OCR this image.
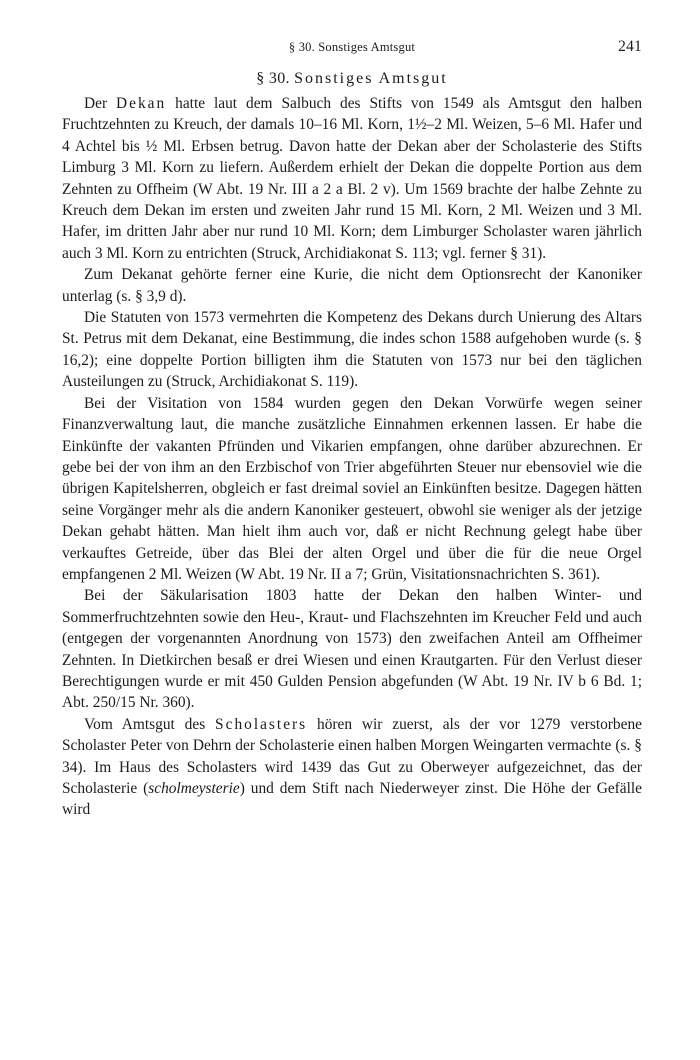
§ 30. Sonstiges Amtsgut	241
§ 30. Sonstiges Amtsgut

Der Dekan hatte laut dem Salbuch des Stifts von 1549 als Amtsgut den halben Fruchtzehnten zu Kreuch, der damals 10–16 Ml. Korn, 1½–2 Ml. Weizen, 5–6 Ml. Hafer und 4 Achtel bis ½ Ml. Erbsen betrug. Davon hatte der Dekan aber der Scholasterie des Stifts Limburg 3 Ml. Korn zu liefern. Außerdem erhielt der Dekan die doppelte Portion aus dem Zehnten zu Offheim (W Abt. 19 Nr. III a 2 a Bl. 2 v). Um 1569 brachte der halbe Zehnte zu Kreuch dem Dekan im ersten und zweiten Jahr rund 15 Ml. Korn, 2 Ml. Weizen und 3 Ml. Hafer, im dritten Jahr aber nur rund 10 Ml. Korn; dem Limburger Scholaster waren jährlich auch 3 Ml. Korn zu entrichten (Struck, Archidiakonat S. 113; vgl. ferner § 31).

Zum Dekanat gehörte ferner eine Kurie, die nicht dem Optionsrecht der Kanoniker unterlag (s. § 3,9 d).

Die Statuten von 1573 vermehrten die Kompetenz des Dekans durch Unierung des Altars St. Petrus mit dem Dekanat, eine Bestimmung, die indes schon 1588 aufgehoben wurde (s. § 16,2); eine doppelte Portion billigten ihm die Statuten von 1573 nur bei den täglichen Austeilungen zu (Struck, Archidiakonat S. 119).

Bei der Visitation von 1584 wurden gegen den Dekan Vorwürfe wegen seiner Finanzverwaltung laut, die manche zusätzliche Einnahmen erkennen lassen. Er habe die Einkünfte der vakanten Pfründen und Vikarien empfangen, ohne darüber abzurechnen. Er gebe bei der von ihm an den Erzbischof von Trier abgeführten Steuer nur ebensoviel wie die übrigen Kapitelsherren, obgleich er fast dreimal soviel an Einkünften besitze. Dagegen hätten seine Vorgänger mehr als die andern Kanoniker gesteuert, obwohl sie weniger als der jetzige Dekan gehabt hätten. Man hielt ihm auch vor, daß er nicht Rechnung gelegt habe über verkauftes Getreide, über das Blei der alten Orgel und über die für die neue Orgel empfangenen 2 Ml. Weizen (W Abt. 19 Nr. II a 7; Grün, Visitationsnachrichten S. 361).

Bei der Säkularisation 1803 hatte der Dekan den halben Winter- und Sommerfruchtzehnten sowie den Heu-, Kraut- und Flachszehnten im Kreucher Feld und auch (entgegen der vorgenannten Anordnung von 1573) den zweifachen Anteil am Offheimer Zehnten. In Dietkirchen besaß er drei Wiesen und einen Krautgarten. Für den Verlust dieser Berechtigungen wurde er mit 450 Gulden Pension abgefunden (W Abt. 19 Nr. IV b 6 Bd. 1; Abt. 250/15 Nr. 360).

Vom Amtsgut des Scholasters hören wir zuerst, als der vor 1279 verstorbene Scholaster Peter von Dehrn der Scholasterie einen halben Morgen Weingarten vermachte (s. § 34). Im Haus des Scholasters wird 1439 das Gut zu Oberweyer aufgezeichnet, das der Scholasterie (scholmeysterie) und dem Stift nach Niederweyer zinst. Die Höhe der Gefälle wird
